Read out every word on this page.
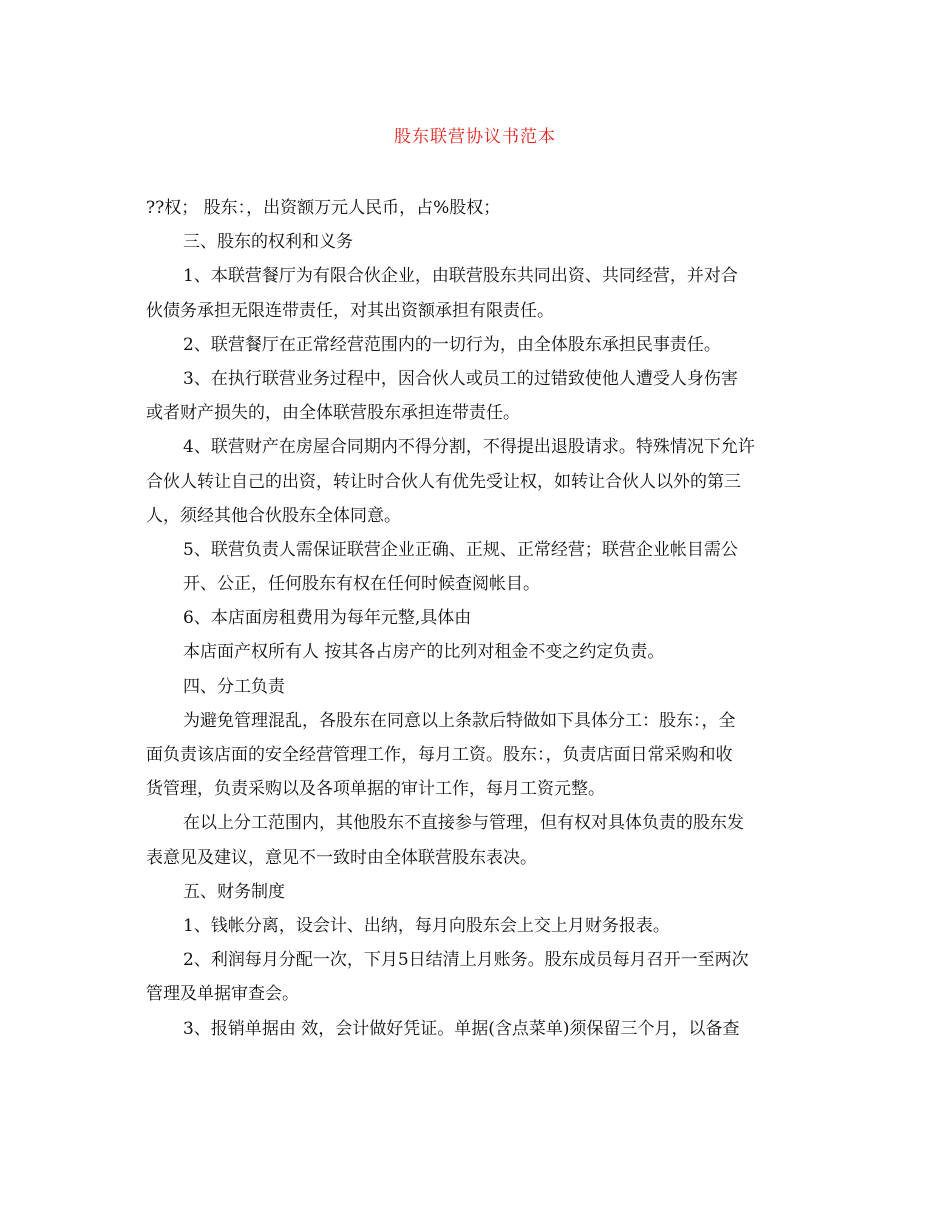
股东联营协议书范本
??权； 股东：，出资额万元人民币，占%股权；
三、股东的权利和义务
1、本联营餐厅为有限合伙企业，由联营股东共同出资、共同经营，并对合
伙债务承担无限连带责任，对其出资额承担有限责任。
2、联营餐厅在正常经营范围内的一切行为，由全体股东承担民事责任。
3、在执行联营业务过程中，因合伙人或员工的过错致使他人遭受人身伤害
或者财产损失的，由全体联营股东承担连带责任。
4、联营财产在房屋合同期内不得分割，不得提出退股请求。特殊情况下允许
合伙人转让自己的出资，转让时合伙人有优先受让权，如转让合伙人以外的第三
人，须经其他合伙股东全体同意。
5、联营负责人需保证联营企业正确、正规、正常经营；联营企业帐目需公
开、公正，任何股东有权在任何时候查阅帐目。
6、本店面房租费用为每年元整,具体由
本店面产权所有人 按其各占房产的比列对租金不变之约定负责。
四、分工负责
为避免管理混乱，各股东在同意以上条款后特做如下具体分工：股东：，全
面负责该店面的安全经营管理工作，每月工资。股东：，负责店面日常采购和收
货管理，负责采购以及各项单据的审计工作，每月工资元整。
在以上分工范围内，其他股东不直接参与管理，但有权对具体负责的股东发
表意见及建议，意见不一致时由全体联营股东表决。
五、财务制度
1、钱帐分离，设会计、出纳，每月向股东会上交上月财务报表。
2、利润每月分配一次，下月5日结清上月账务。股东成员每月召开一至两次
管理及单据审查会。
3、报销单据由 效，会计做好凭证。单据(含点菜单)须保留三个月，以备查
